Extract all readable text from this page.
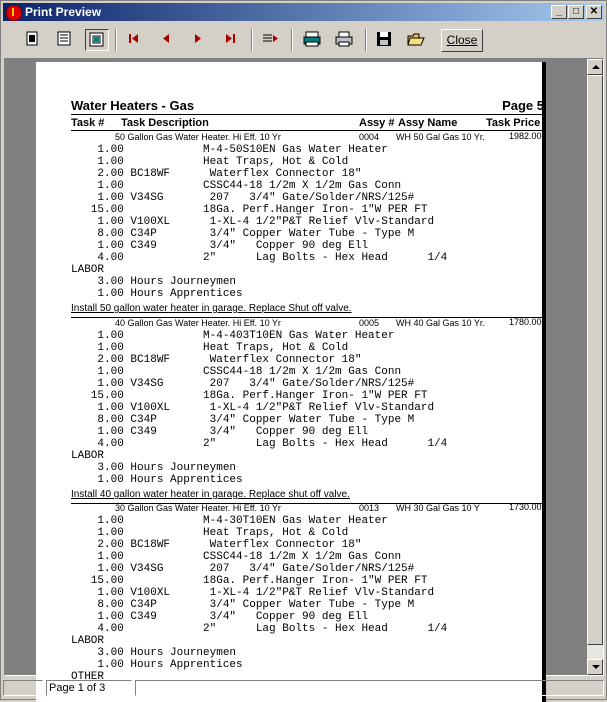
Print Preview	_	□	✕
Close
Water Heaters - Gas	Page 5
Task # Task Description	Assy # Assy Name	Task Price
50 Gallon Gas Water Heater. Hi Eff. 10 Yr	0004 WH 50 Gal Gas 10 Yr.	1982.00
1.00            M-4-50S10EN Gas Water Heater
1.00            Heat Traps, Hot & Cold
2.00 BC18WF      Waterflex Connector 18"
1.00            CSSC44-18 1/2m X 1/2m Gas Conn
1.00 V34SG       207   3/4" Gate/Solder/NRS/125#
15.00            18Ga. Perf.Hanger Iron- 1"W PER FT
1.00 V100XL      1-XL-4 1/2"P&T Relief Vlv-Standard
8.00 C34P        3/4" Copper Water Tube - Type M
1.00 C349        3/4"   Copper 90 deg Ell
4.00            2"      Lag Bolts - Hex Head      1/4
LABOR
3.00 Hours Journeymen
1.00 Hours Apprentices
Install 50 gallon water heater in garage. Replace Shut off valve.
40 Gallon Gas Water Heater. Hi Eff. 10 Yr	0005 WH 40 Gal Gas 10 Yr.	1780.00
1.00            M-4-403T10EN Gas Water Heater
1.00            Heat Traps, Hot & Cold
2.00 BC18WF      Waterflex Connector 18"
1.00            CSSC44-18 1/2m X 1/2m Gas Conn
1.00 V34SG       207   3/4" Gate/Solder/NRS/125#
15.00            18Ga. Perf.Hanger Iron- 1"W PER FT
1.00 V100XL      1-XL-4 1/2"P&T Relief Vlv-Standard
8.00 C34P        3/4" Copper Water Tube - Type M
1.00 C349        3/4"   Copper 90 deg Ell
4.00            2"      Lag Bolts - Hex Head      1/4
LABOR
3.00 Hours Journeymen
1.00 Hours Apprentices
Install 40 gallon water heater in garage. Replace shut off valve.
30 Gallon Gas Water Heater. Hi Eff. 10 Yr	0013 WH 30 Gal Gas 10 Y	1730.00
1.00            M-4-30T10EN Gas Water Heater
1.00            Heat Traps, Hot & Cold
2.00 BC18WF      Waterflex Connector 18"
1.00            CSSC44-18 1/2m X 1/2m Gas Conn
1.00 V34SG       207   3/4" Gate/Solder/NRS/125#
15.00            18Ga. Perf.Hanger Iron- 1"W PER FT
1.00 V100XL      1-XL-4 1/2"P&T Relief Vlv-Standard
8.00 C34P        3/4" Copper Water Tube - Type M
1.00 C349        3/4"   Copper 90 deg Ell
4.00            2"      Lag Bolts - Hex Head      1/4
LABOR
3.00 Hours Journeymen
1.00 Hours Apprentices
OTHER
Page 1 of 3
